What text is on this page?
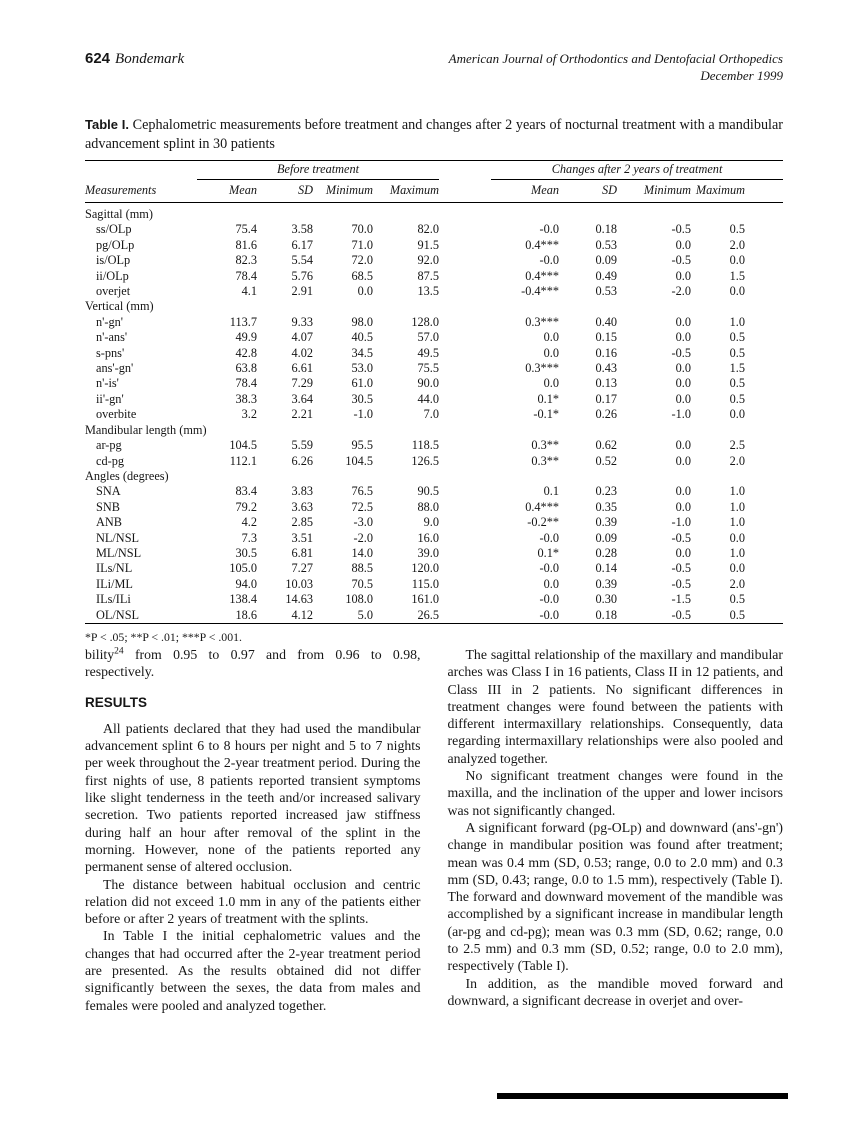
624 Bondemark	American Journal of Orthodontics and Dentofacial Orthopedics
December 1999
Table I. Cephalometric measurements before treatment and changes after 2 years of nocturnal treatment with a mandibular advancement splint in 30 patients
	Before treatment					Changes after 2 years of treatment				
Measurements	Mean	SD	Minimum	Maximum		Mean	SD	Minimum	Maximum	
Sagittal (mm)										
ss/OLp	75.4	3.58	70.0	82.0		-0.0	0.18	-0.5	0.5	
pg/OLp	81.6	6.17	71.0	91.5		0.4***	0.53	0.0	2.0	
is/OLp	82.3	5.54	72.0	92.0		-0.0	0.09	-0.5	0.0	
ii/OLp	78.4	5.76	68.5	87.5		0.4***	0.49	0.0	1.5	
overjet	4.1	2.91	0.0	13.5		-0.4***	0.53	-2.0	0.0	
Vertical (mm)										
n'-gn'	113.7	9.33	98.0	128.0		0.3***	0.40	0.0	1.0	
n'-ans'	49.9	4.07	40.5	57.0		0.0	0.15	0.0	0.5	
s-pns'	42.8	4.02	34.5	49.5		0.0	0.16	-0.5	0.5	
ans'-gn'	63.8	6.61	53.0	75.5		0.3***	0.43	0.0	1.5	
n'-is'	78.4	7.29	61.0	90.0		0.0	0.13	0.0	0.5	
ii'-gn'	38.3	3.64	30.5	44.0		0.1*	0.17	0.0	0.5	
overbite	3.2	2.21	-1.0	7.0		-0.1*	0.26	-1.0	0.0	
Mandibular length (mm)										
ar-pg	104.5	5.59	95.5	118.5		0.3**	0.62	0.0	2.5	
cd-pg	112.1	6.26	104.5	126.5		0.3**	0.52	0.0	2.0	
Angles (degrees)										
SNA	83.4	3.83	76.5	90.5		0.1	0.23	0.0	1.0	
SNB	79.2	3.63	72.5	88.0		0.4***	0.35	0.0	1.0	
ANB	4.2	2.85	-3.0	9.0		-0.2**	0.39	-1.0	1.0	
NL/NSL	7.3	3.51	-2.0	16.0		-0.0	0.09	-0.5	0.0	
ML/NSL	30.5	6.81	14.0	39.0		0.1*	0.28	0.0	1.0	
ILs/NL	105.0	7.27	88.5	120.0		-0.0	0.14	-0.5	0.0	
ILi/ML	94.0	10.03	70.5	115.0		0.0	0.39	-0.5	2.0	
ILs/ILi	138.4	14.63	108.0	161.0		-0.0	0.30	-1.5	0.5	
OL/NSL	18.6	4.12	5.0	26.5		-0.0	0.18	-0.5	0.5	
*P < .05; **P < .01; ***P < .001.

bility$^{24}$ from 0.95 to 0.97 and from 0.96 to 0.98, respectively.

RESULTS

All patients declared that they had used the mandibular advancement splint 6 to 8 hours per night and 5 to 7 nights per week throughout the 2-year treatment period. During the first nights of use, 8 patients reported transient symptoms like slight tenderness in the teeth and/or increased salivary secretion. Two patients reported increased jaw stiffness during half an hour after removal of the splint in the morning. However, none of the patients reported any permanent sense of altered occlusion.

The distance between habitual occlusion and centric relation did not exceed 1.0 mm in any of the patients either before or after 2 years of treatment with the splints.

In Table I the initial cephalometric values and the changes that had occurred after the 2-year treatment period are presented. As the results obtained did not differ significantly between the sexes, the data from males and females were pooled and analyzed together.

The sagittal relationship of the maxillary and mandibular arches was Class I in 16 patients, Class II in 12 patients, and Class III in 2 patients. No significant differences in treatment changes were found between the patients with different intermaxillary relationships. Consequently, data regarding intermaxillary relationships were also pooled and analyzed together.

No significant treatment changes were found in the maxilla, and the inclination of the upper and lower incisors was not significantly changed.

A significant forward (pg-OLp) and downward (ans'-gn') change in mandibular position was found after treatment; mean was 0.4 mm (SD, 0.53; range, 0.0 to 2.0 mm) and 0.3 mm (SD, 0.43; range, 0.0 to 1.5 mm), respectively (Table I). The forward and downward movement of the mandible was accomplished by a significant increase in mandibular length (ar-pg and cd-pg); mean was 0.3 mm (SD, 0.62; range, 0.0 to 2.5 mm) and 0.3 mm (SD, 0.52; range, 0.0 to 2.0 mm), respectively (Table I).

In addition, as the mandible moved forward and downward, a significant decrease in overjet and over-
